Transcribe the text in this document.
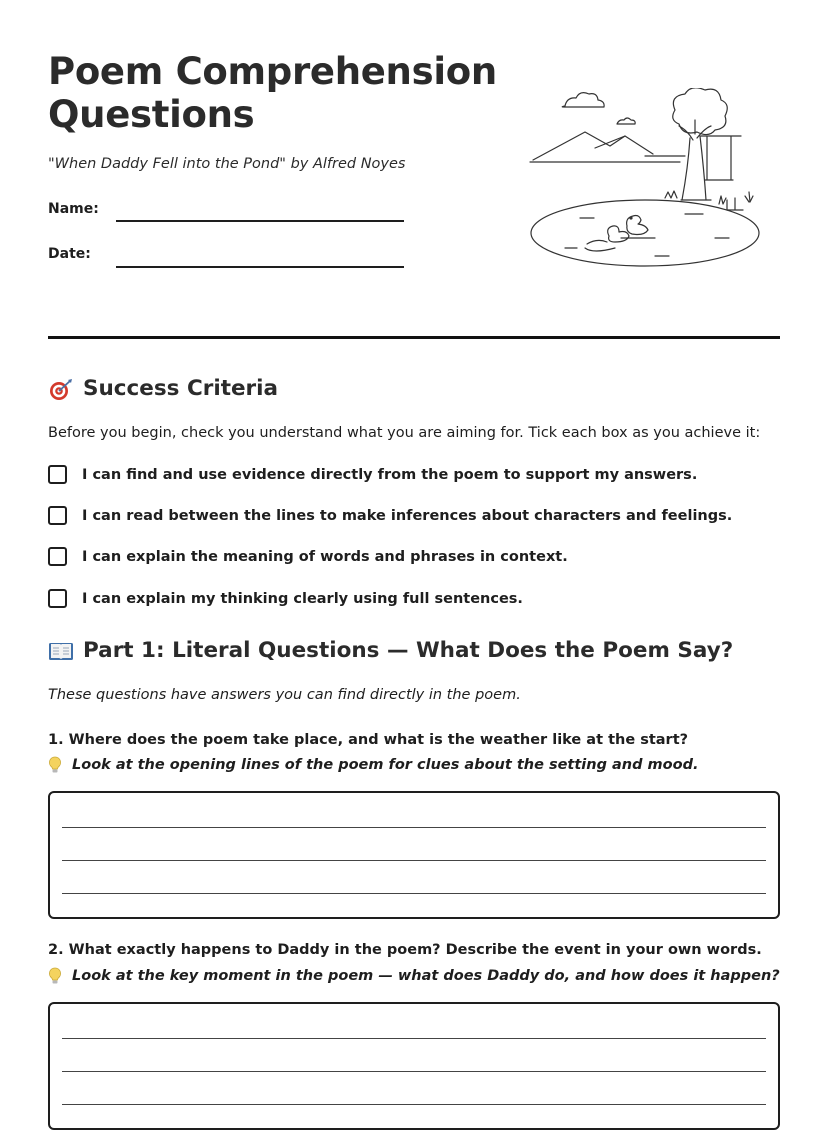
Poem Comprehension
Questions
"When Daddy Fell into the Pond" by Alfred Noyes
Name:
Date:
Success Criteria
Before you begin, check you understand what you are aiming for. Tick each box as you achieve it:
I can find and use evidence directly from the poem to support my answers.
I can read between the lines to make inferences about characters and feelings.
I can explain the meaning of words and phrases in context.
I can explain my thinking clearly using full sentences.
Part 1: Literal Questions — What Does the Poem Say?
These questions have answers you can find directly in the poem.
1. Where does the poem take place, and what is the weather like at the start?
Look at the opening lines of the poem for clues about the setting and mood.
2. What exactly happens to Daddy in the poem? Describe the event in your own words.
Look at the key moment in the poem — what does Daddy do, and how does it happen?
